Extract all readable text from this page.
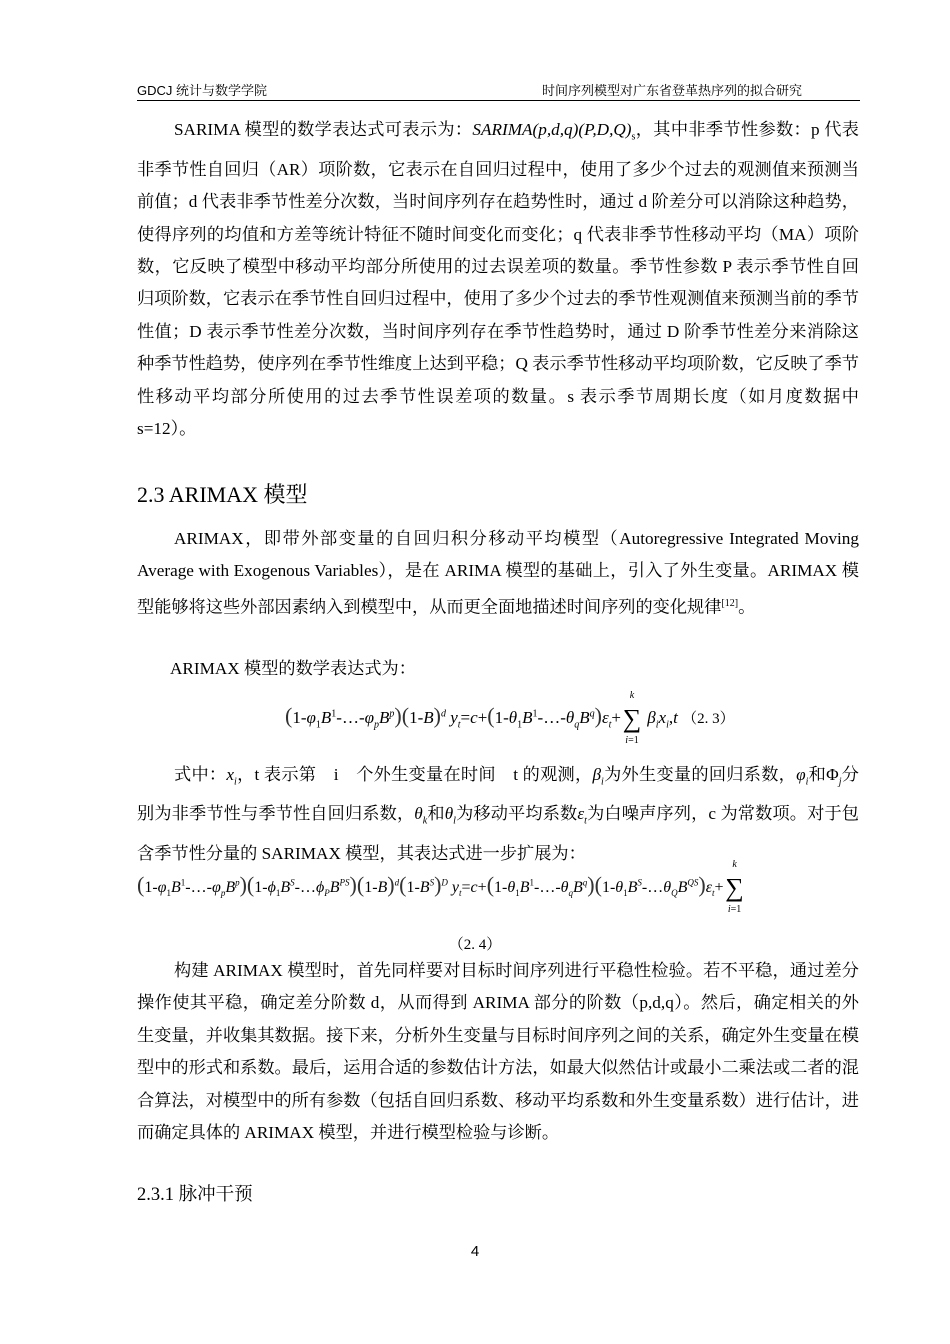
GDCJ 统计与数学学院	时间序列模型对广东省登革热序列的拟合研究

SARIMA 模型的数学表达式可表示为：$SARIMA(p,d,q)(P,D,Q)_s$，其中非季节性参数：p 代表非季节性自回归（AR）项阶数，它表示在自回归过程中，使用了多少个过去的观测值来预测当前值；d 代表非季节性差分次数，当时间序列存在趋势性时，通过 d 阶差分可以消除这种趋势，使得序列的均值和方差等统计特征不随时间变化而变化；q 代表非季节性移动平均（MA）项阶数，它反映了模型中移动平均部分所使用的过去误差项的数量。季节性参数 P 表示季节性自回归项阶数，它表示在季节性自回归过程中，使用了多少个过去的季节性观测值来预测当前的季节性值；D 表示季节性差分次数，当时间序列存在季节性趋势时，通过 D 阶季节性差分来消除这种季节性趋势，使序列在季节性维度上达到平稳；Q 表示季节性移动平均项阶数，它反映了季节性移动平均部分所使用的过去季节性误差项的数量。s 表示季节周期长度（如月度数据中 s=12）。

2.3 ARIMAX 模型

ARIMAX，即带外部变量的自回归积分移动平均模型（Autoregressive Integrated Moving Average with Exogenous Variables），是在 ARIMA 模型的基础上，引入了外生变量。ARIMAX 模型能够将这些外部因素纳入到模型中，从而更全面地描述时间序列的变化规律[12]。

ARIMAX 模型的数学表达式为：

$(1-\varphi_1B^1-\dots-\varphi_pB^p)(1-B)^d$ $y_t=c+(1-\theta_1B^1-\dots-\theta_qB^q)\varepsilon_t+$
k
∑
i=1
$\beta_ix_i,t$ （2. 3）

式中：$x_i$，t 表示第　i　个外生变量在时间　t 的观测，$\beta_i$为外生变量的回归系数，$\varphi_i$和$\Phi_j$分别为非季节性与季节性自回归系数，$\theta_k$和$\theta_l$为移动平均系数$\varepsilon_t$为白噪声序列，c 为常数项。对于包含季节性分量的 SARIMAX 模型，其表达式进一步扩展为：

$(1-\varphi_1B^1-\dots-\varphi_pB^p)(1-\phi_1B^S-\dots\phi_PB^{PS})(1-B)^d(1-B^S)^D$ $y_t=c+(1-\theta_1B^1-\dots-\theta_qB^q)(1-\theta_1B^S-\dots\theta_QB^{QS})\varepsilon_t+$
k
∑
i=1
（2. 4）

构建 ARIMAX 模型时，首先同样要对目标时间序列进行平稳性检验。若不平稳，通过差分操作使其平稳，确定差分阶数 d，从而得到 ARIMA 部分的阶数（p,d,q）。然后，确定相关的外生变量，并收集其数据。接下来，分析外生变量与目标时间序列之间的关系，确定外生变量在模型中的形式和系数。最后，运用合适的参数估计方法，如最大似然估计或最小二乘法或二者的混合算法，对模型中的所有参数（包括自回归系数、移动平均系数和外生变量系数）进行估计，进而确定具体的 ARIMAX 模型，并进行模型检验与诊断。

2.3.1 脉冲干预
4
